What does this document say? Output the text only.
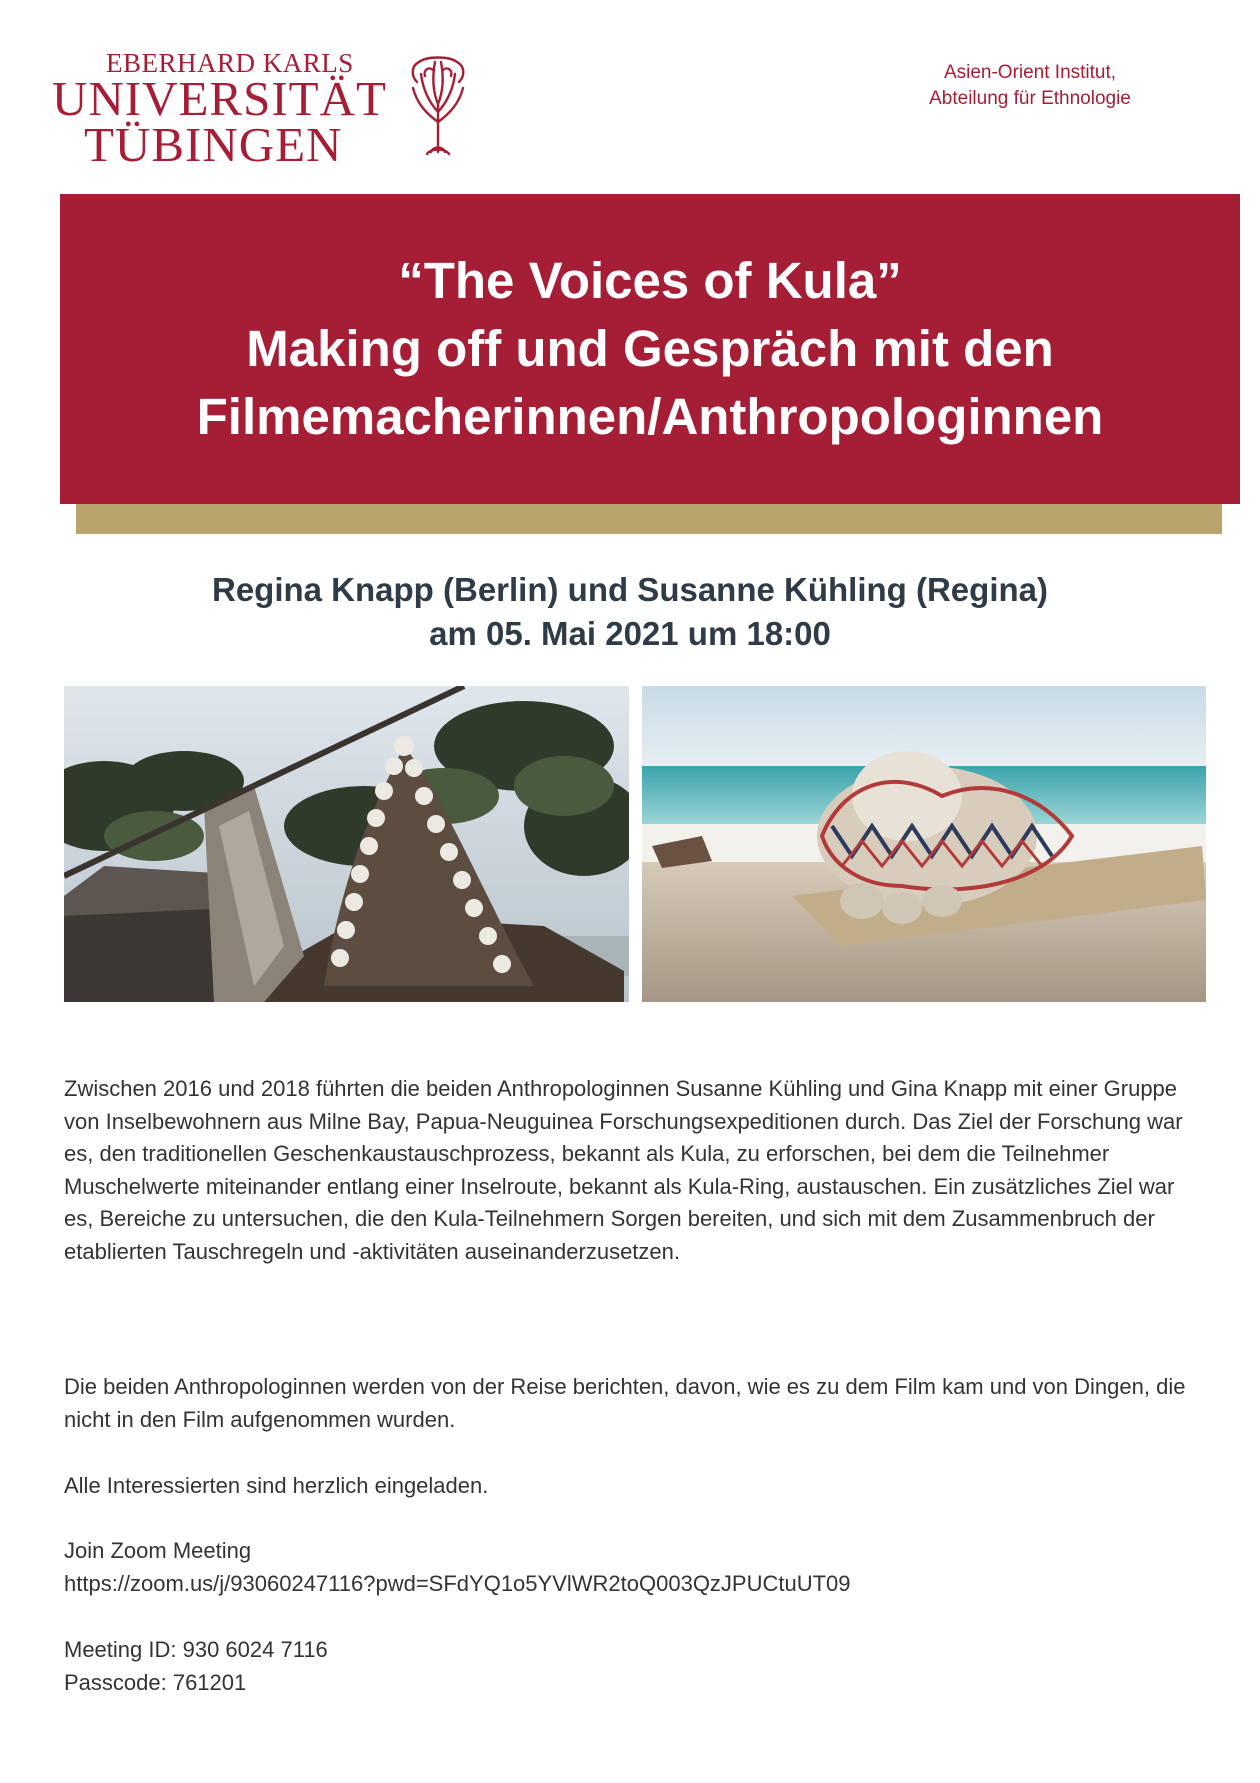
EBERHARD KARLS
UNIVERSITÄT
TÜBINGEN
Asien-Orient Institut,
Abteilung für Ethnologie
“The Voices of Kula”
Making off und Gespräch mit den
Filmemacherinnen/Anthropologinnen
Regina Knapp (Berlin) und Susanne Kühling (Regina)
am 05. Mai 2021 um 18:00
Zwischen 2016 und 2018 führten die beiden Anthropologinnen Susanne Kühling und Gina Knapp mit einer Gruppe von Inselbewohnern aus Milne Bay, Papua-Neuguinea Forschungsexpeditionen durch. Das Ziel der Forschung war es, den traditionellen Geschenkaustauschprozess, bekannt als Kula, zu erforschen, bei dem die Teilnehmer Muschelwerte miteinander entlang einer Inselroute, bekannt als Kula-Ring, austauschen. Ein zusätzliches Ziel war es, Bereiche zu untersuchen, die den Kula-Teilnehmern Sorgen bereiten, und sich mit dem Zusammenbruch der etablierten Tauschregeln und -aktivitäten auseinanderzusetzen.
Die beiden Anthropologinnen werden von der Reise berichten, davon, wie es zu dem Film kam und von Dingen, die nicht in den Film aufgenommen wurden.
Alle Interessierten sind herzlich eingeladen.
Join Zoom Meeting
https://zoom.us/j/93060247116?pwd=SFdYQ1o5YVlWR2toQ003QzJPUCtuUT09
Meeting ID: 930 6024 7116
Passcode: 761201
